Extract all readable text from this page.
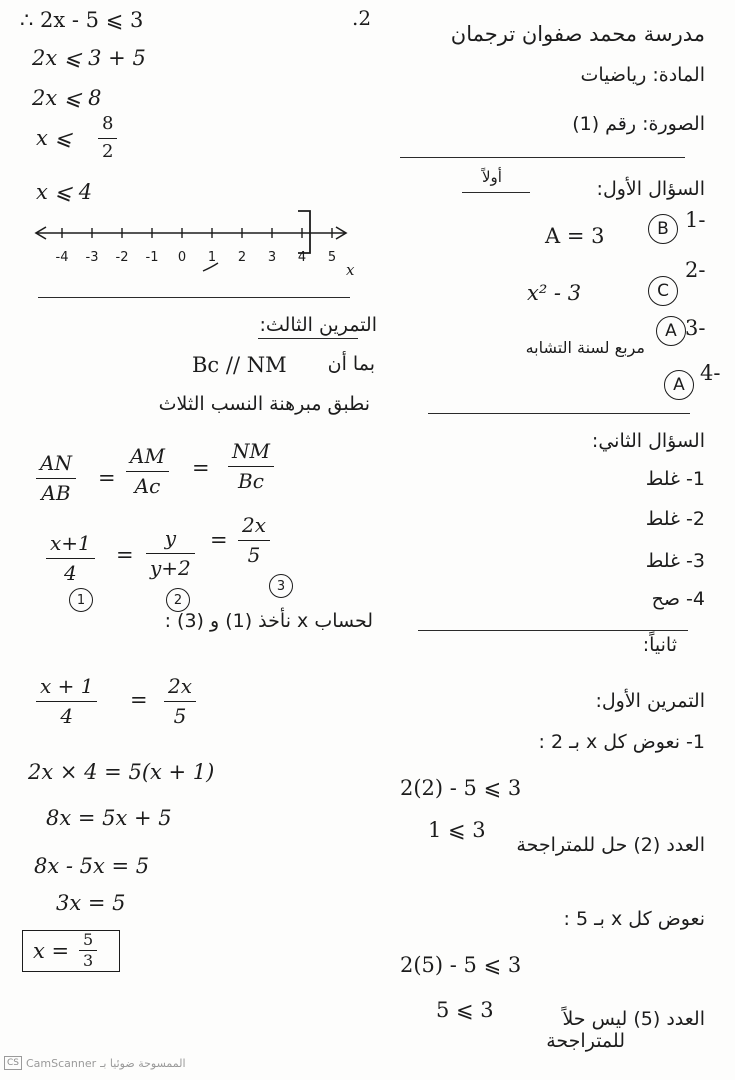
.2
مدرسة محمد صفوان ترجمان
المادة: رياضيات
الصورة: رقم (1)
أولاً
السؤال الأول:
1-
B
A = 3
2-
C
x² - 3
3-
A
مربع لسنة التشابه
4-
A
السؤال الثاني:
1- غلط
2- غلط
3- غلط
4- صح
ثانياً:
التمرين الأول:
1- نعوض كل x بـ 2 :
2(2) - 5 ⩽ 3
1 ⩽ 3
العدد (2) حل للمتراجحة
نعوض كل x بـ 5 :
2(5) - 5 ⩽ 3
5 ⩽ 3	العدد (5) ليس حلاً
للمتراجحة
∴ 2x - 5 ⩽ 3
2x ⩽ 3 + 5
2x ⩽ 8
x ⩽
8
2
x ⩽ 4
-4 -3 -2 -1 0 1 2 3 4 5
x
التمرين الثالث:
بما أن
Bc // NM
نطبق مبرهنة النسب الثلاث
AN
AB
=
AM
Ac
=
NM
Bc
x+1
4
1
=
y
y+2
2
=
2x
5
3
لحساب x نأخذ (1) و (3) :
x + 1
4
=
2x
5
2x × 4 = 5(x + 1)
8x = 5x + 5
8x - 5x = 5
3x = 5
x = 5
3
CS CamScanner الممسوحة ضوئيا بـ
